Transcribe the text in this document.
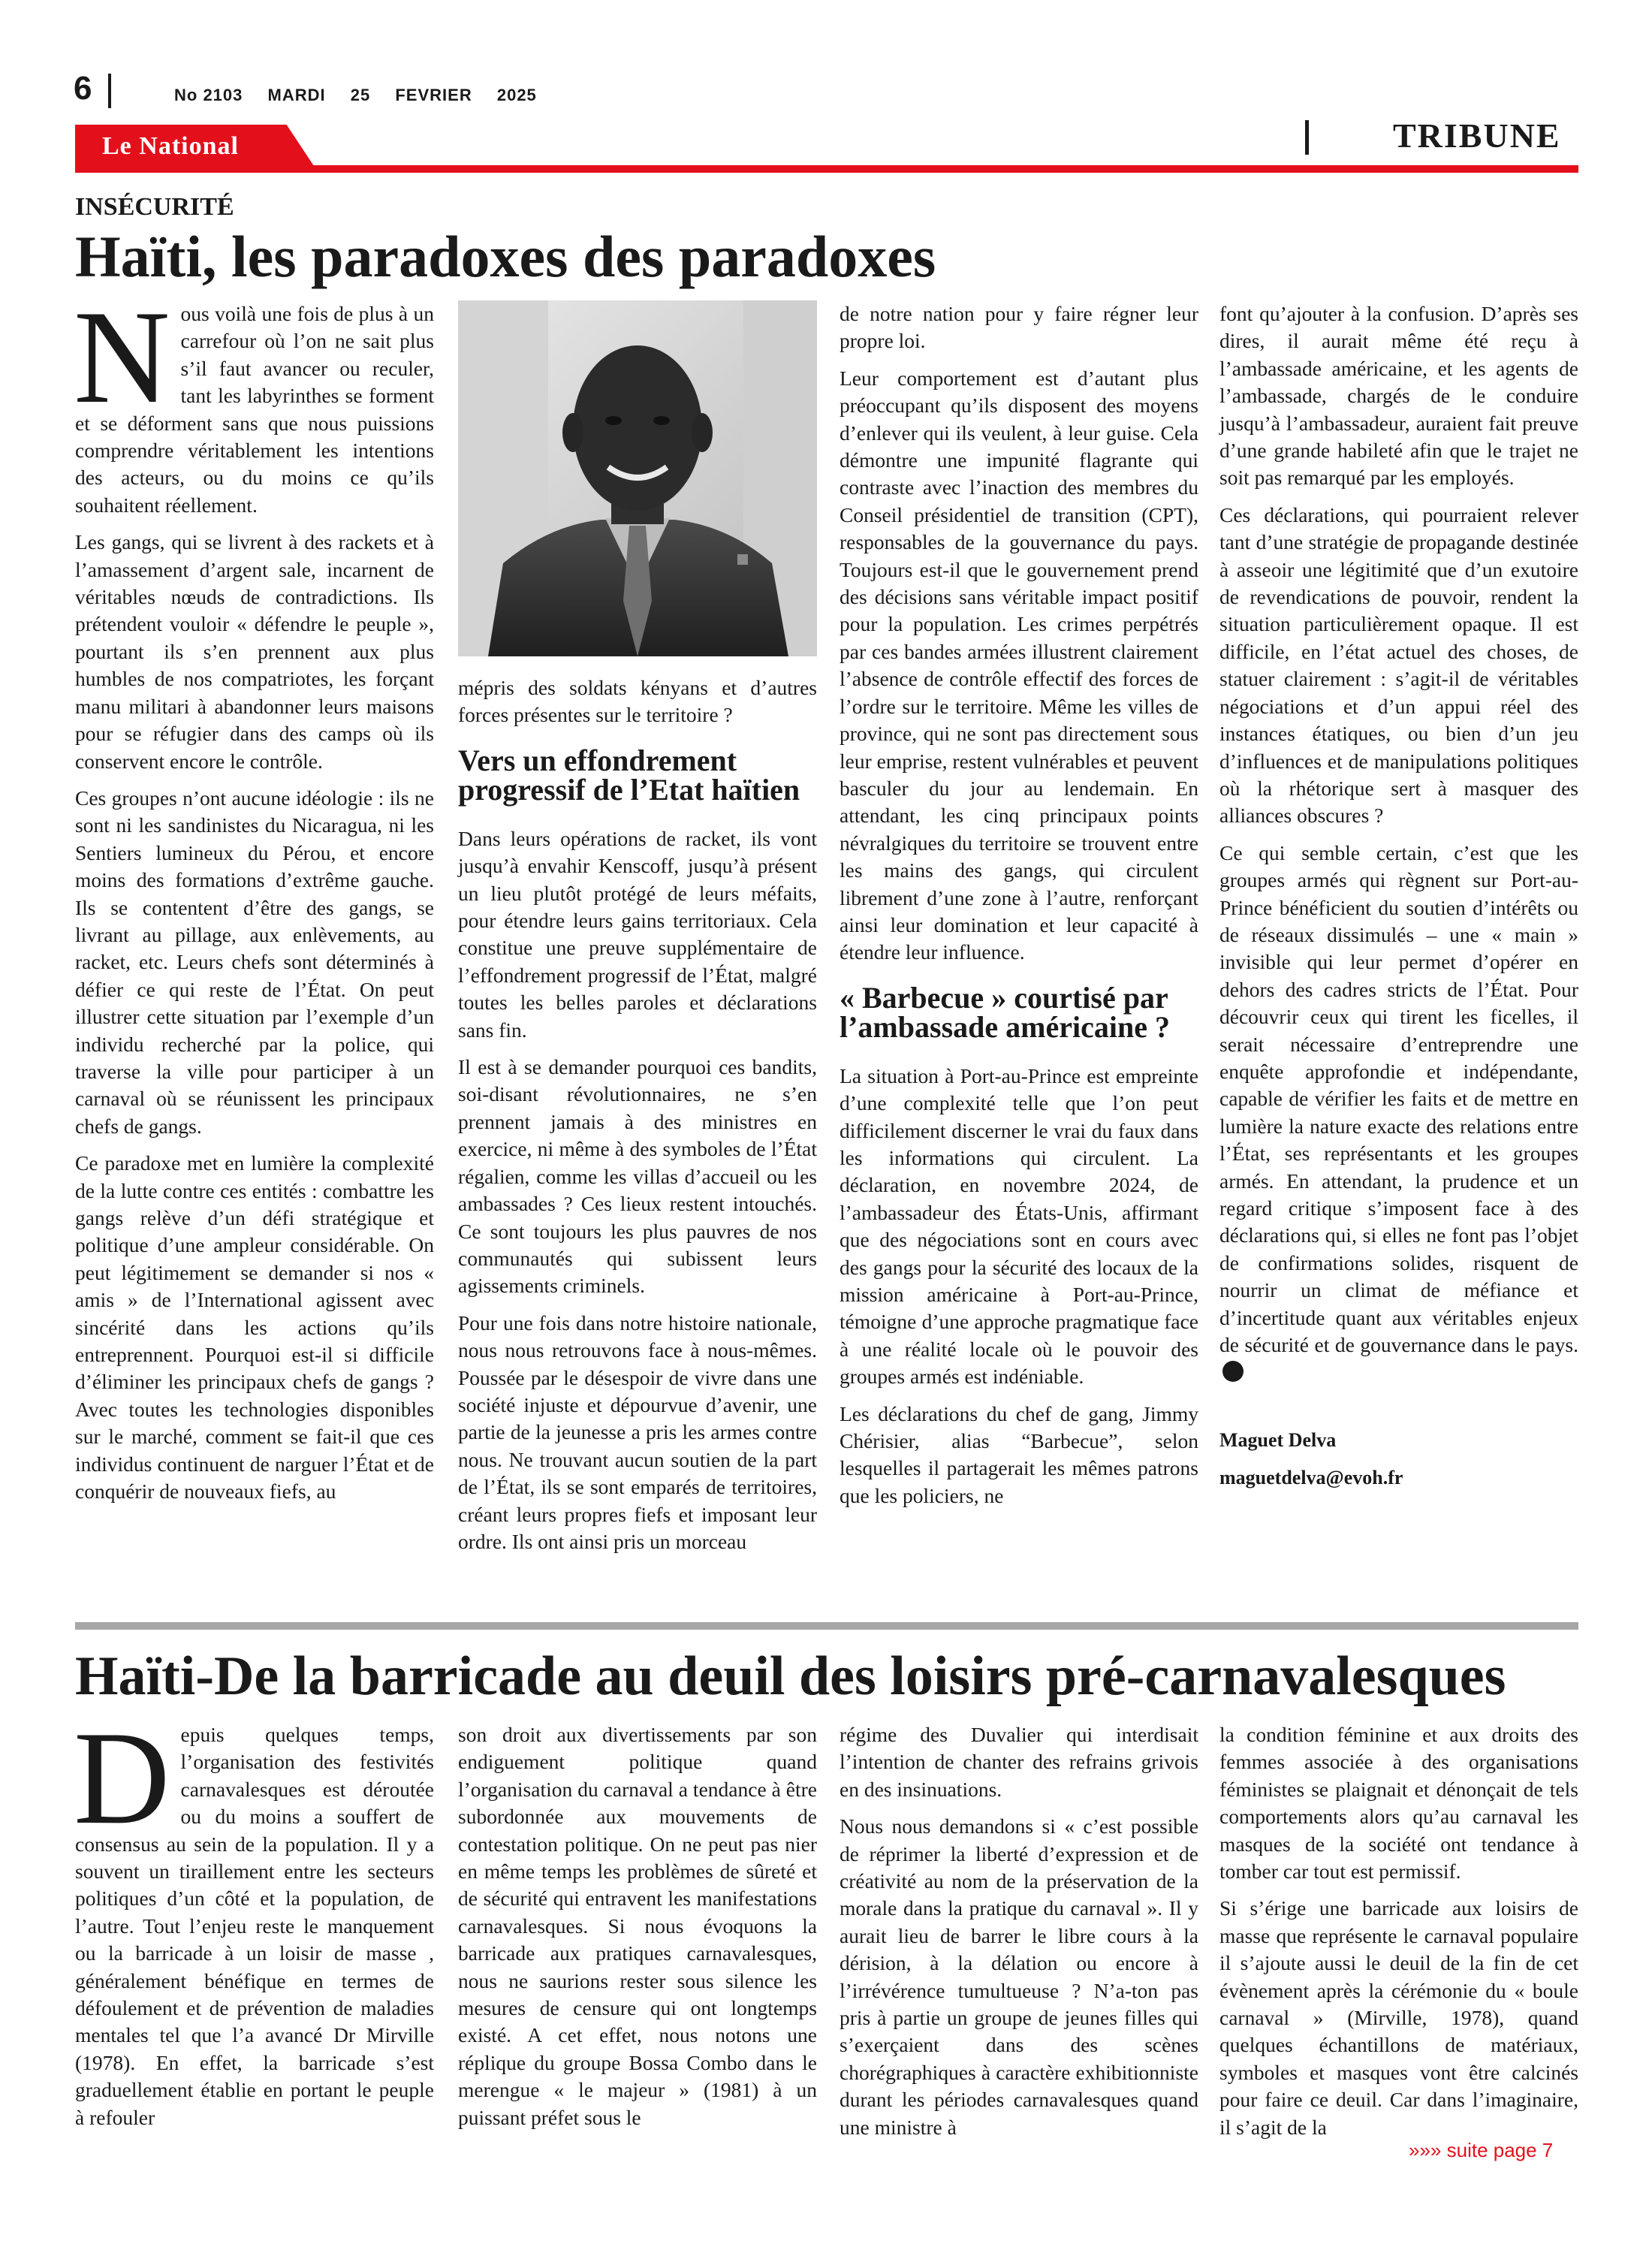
6	No 2103 MARDI 25 FEVRIER 2025
Le National	TRIBUNE
INSÉCURITÉ
Haïti, les paradoxes des paradoxes

Nous voilà une fois de plus à un carrefour où l’on ne sait plus s’il faut avancer ou reculer, tant les labyrinthes se forment et se déforment sans que nous puissions comprendre véritablement les intentions des acteurs, ou du moins ce qu’ils souhaitent réellement.

Les gangs, qui se livrent à des rackets et à l’amassement d’argent sale, incarnent de véritables nœuds de contradictions. Ils prétendent vouloir « défendre le peuple », pourtant ils s’en prennent aux plus humbles de nos compatriotes, les forçant manu militari à abandonner leurs maisons pour se réfugier dans des camps où ils conservent encore le contrôle.

Ces groupes n’ont aucune idéologie : ils ne sont ni les sandinistes du Nicaragua, ni les Sentiers lumineux du Pérou, et encore moins des formations d’extrême gauche. Ils se contentent d’être des gangs, se livrant au pillage, aux enlèvements, au racket, etc. Leurs chefs sont déterminés à défier ce qui reste de l’État. On peut illustrer cette situation par l’exemple d’un individu recherché par la police, qui traverse la ville pour participer à un carnaval où se réunissent les principaux chefs de gangs.

Ce paradoxe met en lumière la complexité de la lutte contre ces entités : combattre les gangs relève d’un défi stratégique et politique d’une ampleur considérable. On peut légitimement se demander si nos « amis » de l’International agissent avec sincérité dans les actions qu’ils entreprennent. Pourquoi est-il si difficile d’éliminer les principaux chefs de gangs ? Avec toutes les technologies disponibles sur le marché, comment se fait-il que ces individus continuent de narguer l’État et de conquérir de nouveaux fiefs, au

mépris des soldats kényans et d’autres forces présentes sur le territoire ?

Vers un effondrement progressif de l’Etat haïtien

Dans leurs opérations de racket, ils vont jusqu’à envahir Kenscoff, jusqu’à présent un lieu plutôt protégé de leurs méfaits, pour étendre leurs gains territoriaux. Cela constitue une preuve supplémentaire de l’effondrement progressif de l’État, malgré toutes les belles paroles et déclarations sans fin.

Il est à se demander pourquoi ces bandits, soi-disant révolutionnaires, ne s’en prennent jamais à des ministres en exercice, ni même à des symboles de l’État régalien, comme les villas d’accueil ou les ambassades ? Ces lieux restent intouchés. Ce sont toujours les plus pauvres de nos communautés qui subissent leurs agissements criminels.

Pour une fois dans notre histoire nationale, nous nous retrouvons face à nous-mêmes. Poussée par le désespoir de vivre dans une société injuste et dépourvue d’avenir, une partie de la jeunesse a pris les armes contre nous. Ne trouvant aucun soutien de la part de l’État, ils se sont emparés de territoires, créant leurs propres fiefs et imposant leur ordre. Ils ont ainsi pris un morceau

de notre nation pour y faire régner leur propre loi.

Leur comportement est d’autant plus préoccupant qu’ils disposent des moyens d’enlever qui ils veulent, à leur guise. Cela démontre une impunité flagrante qui contraste avec l’inaction des membres du Conseil présidentiel de transition (CPT), responsables de la gouvernance du pays. Toujours est-il que le gouvernement prend des décisions sans véritable impact positif pour la population. Les crimes perpétrés par ces bandes armées illustrent clairement l’absence de contrôle effectif des forces de l’ordre sur le territoire. Même les villes de province, qui ne sont pas directement sous leur emprise, restent vulnérables et peuvent basculer du jour au lendemain. En attendant, les cinq principaux points névralgiques du territoire se trouvent entre les mains des gangs, qui circulent librement d’une zone à l’autre, renforçant ainsi leur domination et leur capacité à étendre leur influence.

« Barbecue » courtisé par l’ambassade américaine ?

La situation à Port-au-Prince est empreinte d’une complexité telle que l’on peut difficilement discerner le vrai du faux dans les informations qui circulent. La déclaration, en novembre 2024, de l’ambassadeur des États-Unis, affirmant que des négociations sont en cours avec des gangs pour la sécurité des locaux de la mission américaine à Port-au-Prince, témoigne d’une approche pragmatique face à une réalité locale où le pouvoir des groupes armés est indéniable.

Les déclarations du chef de gang, Jimmy Chérisier, alias “Barbecue”, selon lesquelles il partagerait les mêmes patrons que les policiers, ne

font qu’ajouter à la confusion. D’après ses dires, il aurait même été reçu à l’ambassade américaine, et les agents de l’ambassade, chargés de le conduire jusqu’à l’ambassadeur, auraient fait preuve d’une grande habileté afin que le trajet ne soit pas remarqué par les employés.

Ces déclarations, qui pourraient relever tant d’une stratégie de propagande destinée à asseoir une légitimité que d’un exutoire de revendications de pouvoir, rendent la situation particulièrement opaque. Il est difficile, en l’état actuel des choses, de statuer clairement : s’agit-il de véritables négociations et d’un appui réel des instances étatiques, ou bien d’un jeu d’influences et de manipulations politiques où la rhétorique sert à masquer des alliances obscures ?

Ce qui semble certain, c’est que les groupes armés qui règnent sur Port-au-Prince bénéficient du soutien d’intérêts ou de réseaux dissimulés – une « main » invisible qui leur permet d’opérer en dehors des cadres stricts de l’État. Pour découvrir ceux qui tirent les ficelles, il serait nécessaire d’entreprendre une enquête approfondie et indépendante, capable de vérifier les faits et de mettre en lumière la nature exacte des relations entre l’État, ses représentants et les groupes armés. En attendant, la prudence et un regard critique s’imposent face à des déclarations qui, si elles ne font pas l’objet de confirmations solides, risquent de nourrir un climat de méfiance et d’incertitude quant aux véritables enjeux de sécurité et de gouvernance dans le pays.

Maguet Delva
maguetdelva@evoh.fr
Haïti-De la barricade au deuil des loisirs pré-carnavalesques

Depuis quelques temps, l’organisation des festivités carnavalesques est déroutée ou du moins a souffert de consensus au sein de la population. Il y a souvent un tiraillement entre les secteurs politiques d’un côté et la population, de l’autre. Tout l’enjeu reste le manquement ou la barricade à un loisir de masse , généralement bénéfique en termes de défoulement et de prévention de maladies mentales tel que l’a avancé Dr Mirville (1978). En effet, la barricade s’est graduellement établie en portant le peuple à refouler

son droit aux divertissements par son endiguement politique quand l’organisation du carnaval a tendance à être subordonnée aux mouvements de contestation politique. On ne peut pas nier en même temps les problèmes de sûreté et de sécurité qui entravent les manifestations carnavalesques. Si nous évoquons la barricade aux pratiques carnavalesques, nous ne saurions rester sous silence les mesures de censure qui ont longtemps existé. A cet effet, nous notons une réplique du groupe Bossa Combo dans le merengue « le majeur » (1981) à un puissant préfet sous le

régime des Duvalier qui interdisait l’intention de chanter des refrains grivois en des insinuations.

Nous nous demandons si « c’est possible de réprimer la liberté d’expression et de créativité au nom de la préservation de la morale dans la pratique du carnaval ». Il y aurait lieu de barrer le libre cours à la dérision, à la délation ou encore à l’irrévérence tumultueuse ? N’a-ton pas pris à partie un groupe de jeunes filles qui s’exerçaient dans des scènes chorégraphiques à caractère exhibitionniste durant les périodes carnavalesques quand une ministre à

la condition féminine et aux droits des femmes associée à des organisations féministes se plaignait et dénonçait de tels comportements alors qu’au carnaval les masques de la société ont tendance à tomber car tout est permissif.

Si s’érige une barricade aux loisirs de masse que représente le carnaval populaire il s’ajoute aussi le deuil de la fin de cet évènement après la cérémonie du « boule carnaval » (Mirville, 1978), quand quelques échantillons de matériaux, symboles et masques vont être calcinés pour faire ce deuil. Car dans l’imaginaire, il s’agit de la

»»» suite page 7
